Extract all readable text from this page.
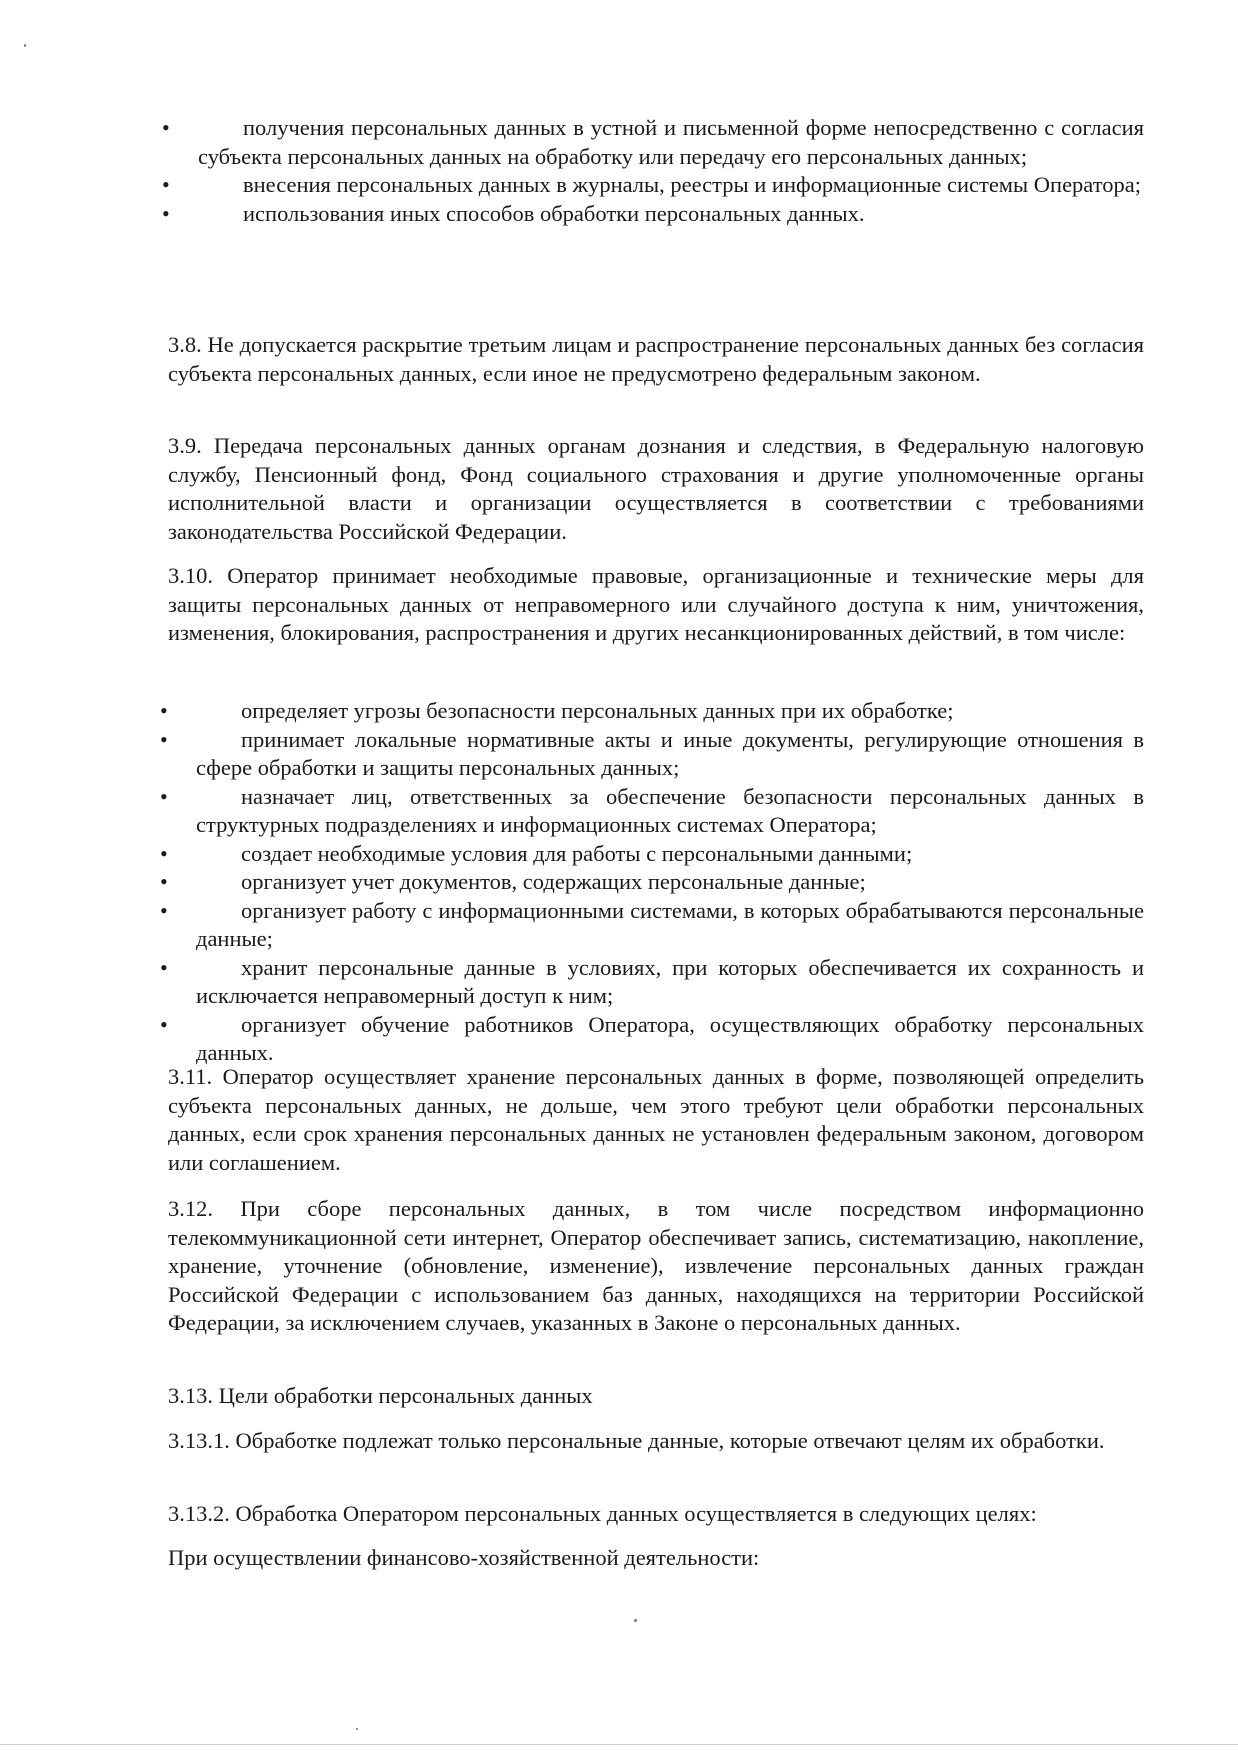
• получения персональных данных в устной и письменной форме непосредственно с согласия субъекта персональных данных на обработку или передачу его персональных данных;
• внесения персональных данных в журналы, реестры и информационные системы Оператора;
• использования иных способов обработки персональных данных.

3.8. Не допускается раскрытие третьим лицам и распространение персональных данных без согласия субъекта персональных данных, если иное не предусмотрено федеральным законом.

3.9. Передача персональных данных органам дознания и следствия, в Федеральную налоговую службу, Пенсионный фонд, Фонд социального страхования и другие уполномоченные органы исполнительной власти и организации осуществляется в соответствии с требованиями законодательства Российской Федерации.

3.10. Оператор принимает необходимые правовые, организационные и технические меры для защиты персональных данных от неправомерного или случайного доступа к ним, уничтожения, изменения, блокирования, распространения и других несанкционированных действий, в том числе:

• определяет угрозы безопасности персональных данных при их обработке;
• принимает локальные нормативные акты и иные документы, регулирующие отношения в сфере обработки и защиты персональных данных;
• назначает лиц, ответственных за обеспечение безопасности персональных данных в структурных подразделениях и информационных системах Оператора;
• создает необходимые условия для работы с персональными данными;
• организует учет документов, содержащих персональные данные;
• организует работу с информационными системами, в которых обрабатываются персональные данные;
• хранит персональные данные в условиях, при которых обеспечивается их сохранность и исключается неправомерный доступ к ним;
• организует обучение работников Оператора, осуществляющих обработку персональных данных.

3.11. Оператор осуществляет хранение персональных данных в форме, позволяющей определить субъекта персональных данных, не дольше, чем этого требуют цели обработки персональных данных, если срок хранения персональных данных не установлен федеральным законом, договором или соглашением.

3.12. При сборе персональных данных, в том числе посредством информационно телекоммуникационной сети интернет, Оператор обеспечивает запись, систематизацию, накопление, хранение, уточнение (обновление, изменение), извлечение персональных данных граждан Российской Федерации с использованием баз данных, находящихся на территории Российской Федерации, за исключением случаев, указанных в Законе о персональных данных.

3.13. Цели обработки персональных данных

3.13.1. Обработке подлежат только персональные данные, которые отвечают целям их обработки.

3.13.2. Обработка Оператором персональных данных осуществляется в следующих целях:

При осуществлении финансово-хозяйственной деятельности:
